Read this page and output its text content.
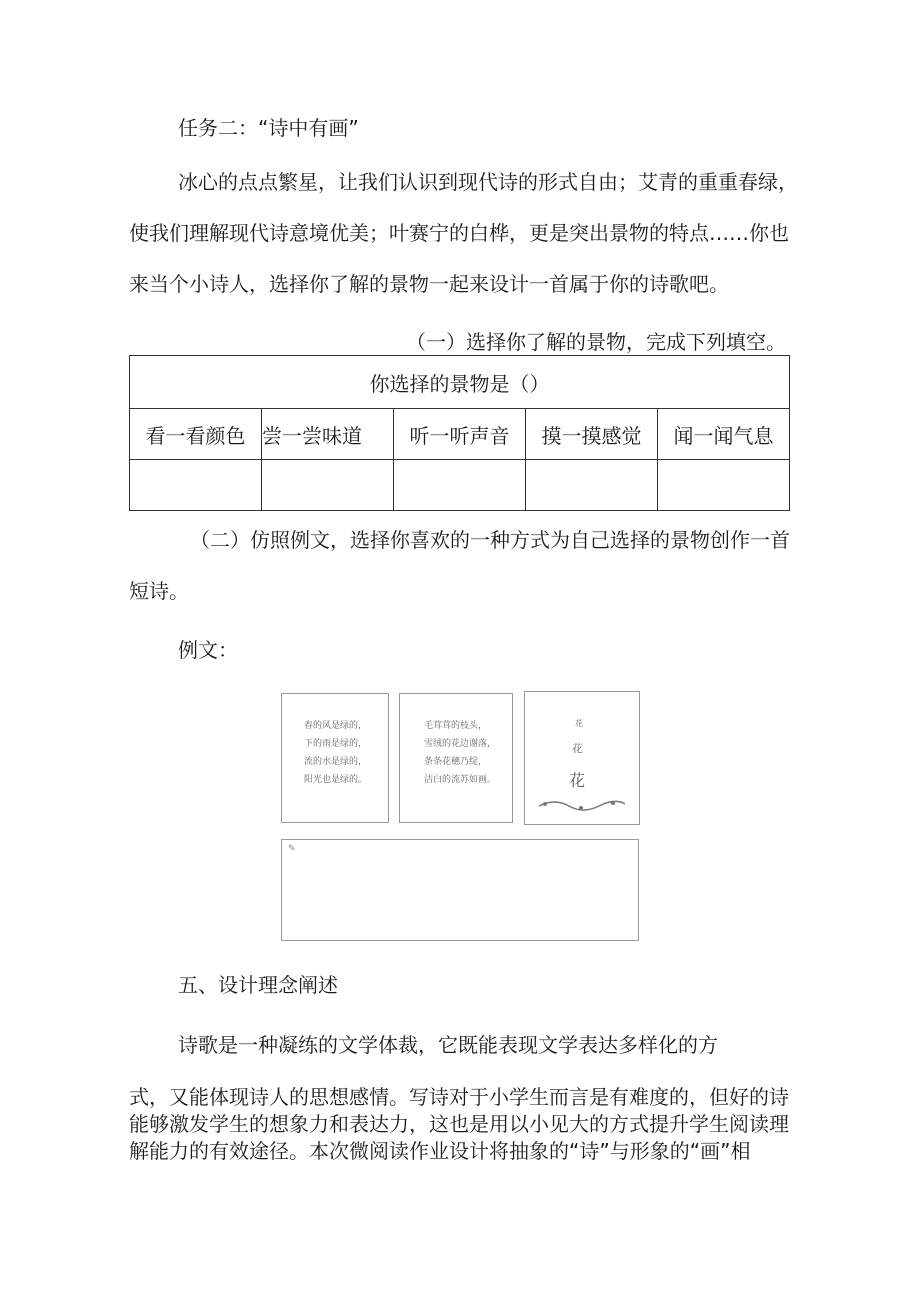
任务二：“诗中有画”
冰心的点点繁星，让我们认识到现代诗的形式自由；艾青的重重春绿，
使我们理解现代诗意境优美；叶赛宁的白桦，更是突出景物的特点……你也
来当个小诗人，选择你了解的景物一起来设计一首属于你的诗歌吧。
（一）选择你了解的景物，完成下列填空。
你选择的景物是（）				
看一看颜色	尝一尝味道	听一听声音	摸一摸感觉	闻一闻气息

（二）仿照例文，选择你喜欢的一种方式为自己选择的景物创作一首
短诗。
例文：
春的风是绿的，
下的雨是绿的，
流的水是绿的，
阳光也是绿的。
毛茸茸的枝头，
雪绒的花边谢落，
条条花穗乃绽，
洁白的流苏如画。
花
花
花
✎
五、设计理念阐述
诗歌是一种凝练的文学体裁，它既能表现文学表达多样化的方
式，又能体现诗人的思想感情。写诗对于小学生而言是有难度的，但好的诗
能够激发学生的想象力和表达力，这也是用以小见大的方式提升学生阅读理
解能力的有效途径。本次微阅读作业设计将抽象的“诗”与形象的“画”相
